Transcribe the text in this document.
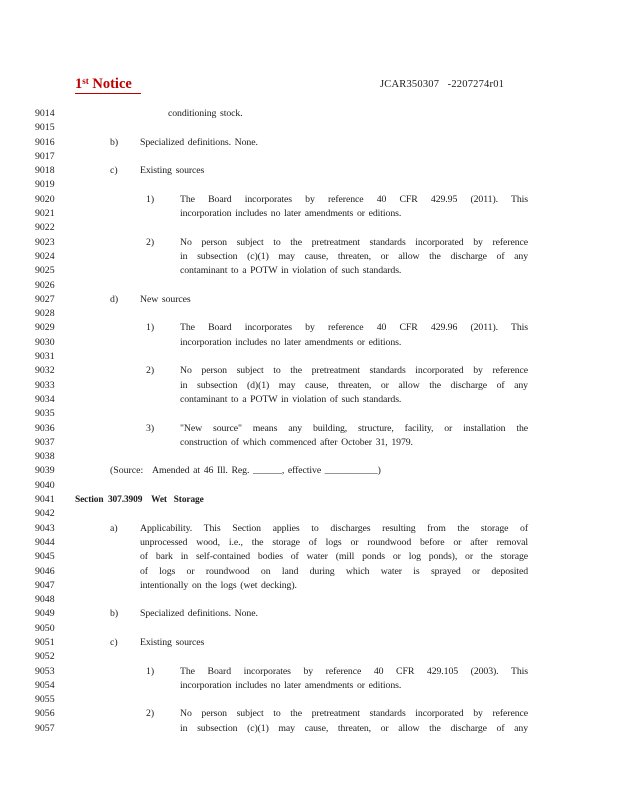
1st Notice	JCAR350307   -2207274r01
9014	conditioning stock.
9015
9016	b)	Specialized definitions. None.
9017
9018	c)	Existing sources
9019
9020	1)	The Board incorporates by reference 40 CFR 429.95 (2011). This
9021	incorporation includes no later amendments or editions.
9022
9023	2)	No person subject to the pretreatment standards incorporated by reference
9024	in subsection (c)(1) may cause, threaten, or allow the discharge of any
9025	contaminant to a POTW in violation of such standards.
9026
9027	d)	New sources
9028
9029	1)	The Board incorporates by reference 40 CFR 429.96 (2011). This
9030	incorporation includes no later amendments or editions.
9031
9032	2)	No person subject to the pretreatment standards incorporated by reference
9033	in subsection (d)(1) may cause, threaten, or allow the discharge of any
9034	contaminant to a POTW in violation of such standards.
9035
9036	3)	"New source" means any building, structure, facility, or installation the
9037	construction of which commenced after October 31, 1979.
9038
9039	(Source: Amended at 46 Ill. Reg. ______, effective ___________)
9040
9041 Section  307.3909    Wet   Storage
9042
9043	a)	Applicability. This Section applies to discharges resulting from the storage of
9044	unprocessed wood, i.e., the storage of logs or roundwood before or after removal
9045	of bark in self-contained bodies of water (mill ponds or log ponds), or the storage
9046	of logs or roundwood on land during which water is sprayed or deposited
9047	intentionally on the logs (wet decking).
9048
9049	b)	Specialized definitions. None.
9050
9051	c)	Existing sources
9052
9053	1)	The Board incorporates by reference 40 CFR 429.105 (2003). This
9054	incorporation includes no later amendments or editions.
9055
9056	2)	No person subject to the pretreatment standards incorporated by reference
9057	in subsection (c)(1) may cause, threaten, or allow the discharge of any
